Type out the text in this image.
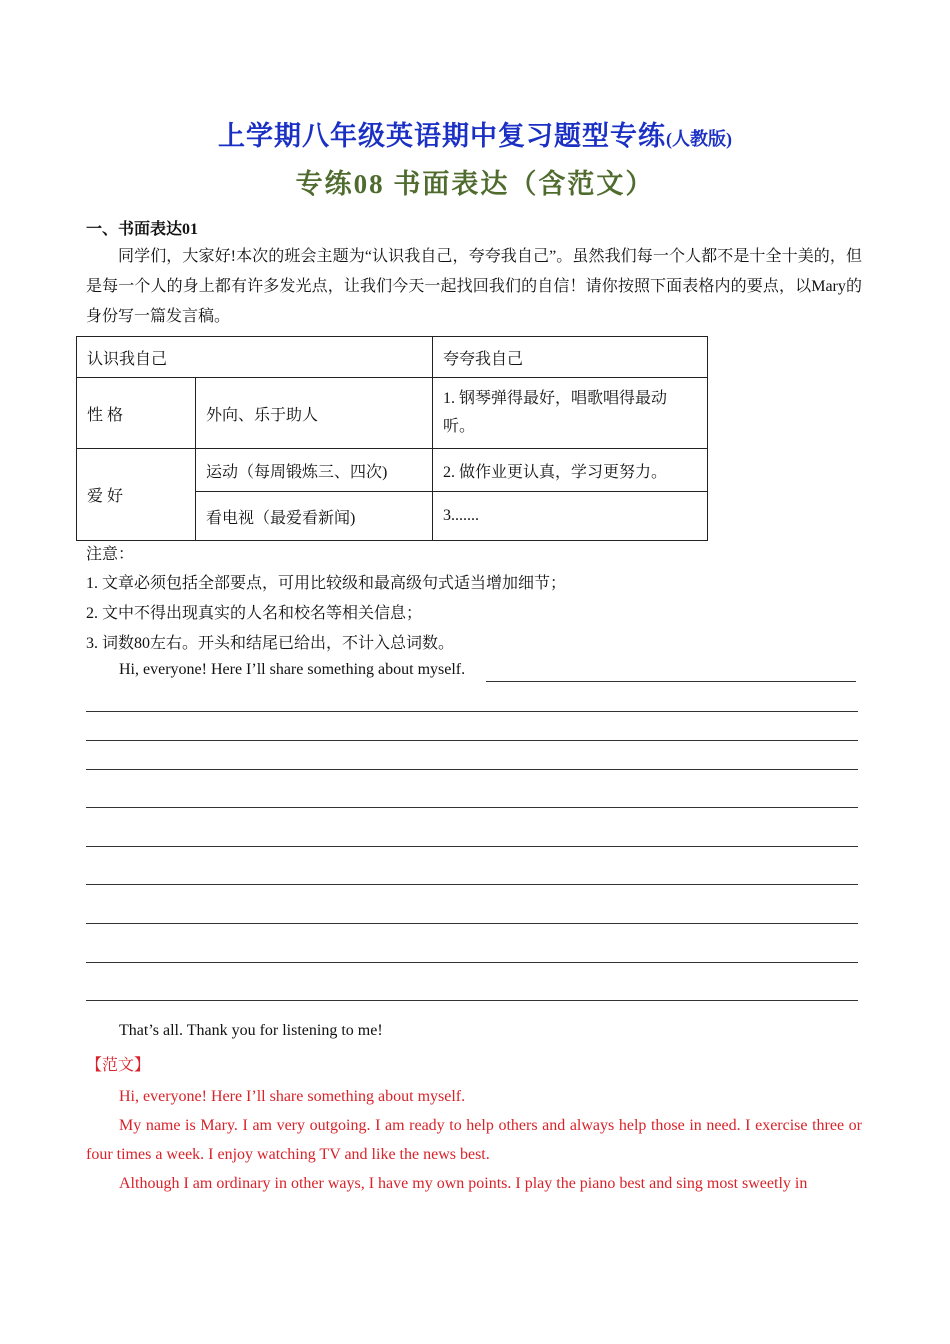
上学期八年级英语期中复习题型专练(人教版)
专练08 书面表达（含范文）
一、书面表达01
同学们，大家好!本次的班会主题为“认识我自己，夸夸我自己”。虽然我们每一个人都不是十全十美的，但是每一个人的身上都有许多发光点，让我们今天一起找回我们的自信！请你按照下面表格内的要点，以Mary的身份写一篇发言稿。
认识我自己		夸夸我自己
性 格	外向、乐于助人	1. 钢琴弹得最好，唱歌唱得最动听。
爱 好	运动（每周锻炼三、四次)	2. 做作业更认真，学习更努力。
	看电视（最爱看新闻)	3.......
注意：
1. 文章必须包括全部要点，可用比较级和最高级句式适当增加细节；
2. 文中不得出现真实的人名和校名等相关信息；
3. 词数80左右。开头和结尾已给出，不计入总词数。
Hi, everyone! Here I’ll share something about myself.
That’s all. Thank you for listening to me!
【范文】
Hi, everyone! Here I’ll share something about myself.
My name is Mary. I am very outgoing. I am ready to help others and always help those in need. I exercise three or four times a week. I enjoy watching TV and like the news best.
Although I am ordinary in other ways, I have my own points. I play the piano best and sing most sweetly in
